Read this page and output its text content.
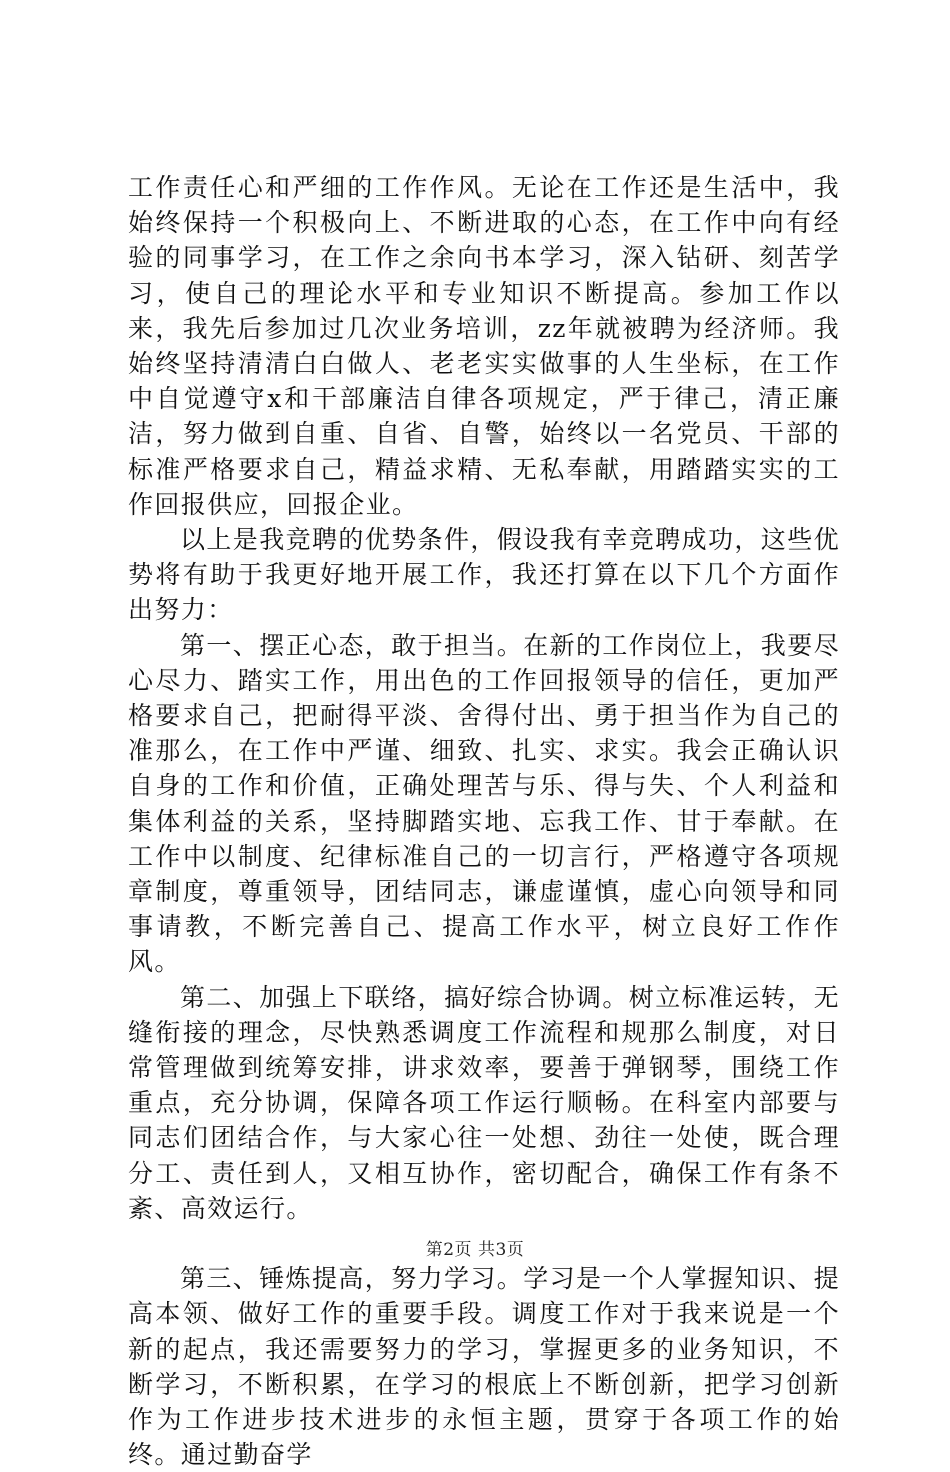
工作责任心和严细的工作作风。无论在工作还是生活中，我始终保持一个积极向上、不断进取的心态，在工作中向有经验的同事学习，在工作之余向书本学习，深入钻研、刻苦学习，使自己的理论水平和专业知识不断提高。参加工作以来，我先后参加过几次业务培训，zz年就被聘为经济师。我始终坚持清清白白做人、老老实实做事的人生坐标，在工作中自觉遵守x和干部廉洁自律各项规定，严于律己，清正廉洁，努力做到自重、自省、自警，始终以一名党员、干部的标准严格要求自己，精益求精、无私奉献，用踏踏实实的工作回报供应，回报企业。

以上是我竞聘的优势条件，假设我有幸竞聘成功，这些优势将有助于我更好地开展工作，我还打算在以下几个方面作出努力：

第一、摆正心态，敢于担当。在新的工作岗位上，我要尽心尽力、踏实工作，用出色的工作回报领导的信任，更加严格要求自己，把耐得平淡、舍得付出、勇于担当作为自己的准那么，在工作中严谨、细致、扎实、求实。我会正确认识自身的工作和价值，正确处理苦与乐、得与失、个人利益和集体利益的关系，坚持脚踏实地、忘我工作、甘于奉献。在工作中以制度、纪律标准自己的一切言行，严格遵守各项规章制度，尊重领导，团结同志，谦虚谨慎，虚心向领导和同事请教，不断完善自己、提高工作水平，树立良好工作作风。

第二、加强上下联络，搞好综合协调。树立标准运转，无缝衔接的理念，尽快熟悉调度工作流程和规那么制度，对日常管理做到统筹安排，讲求效率，要善于弹钢琴，围绕工作重点，充分协调，保障各项工作运行顺畅。在科室内部要与同志们团结合作，与大家心往一处想、劲往一处使，既合理分工、责任到人，又相互协作，密切配合，确保工作有条不紊、高效运行。

第三、锤炼提高，努力学习。学习是一个人掌握知识、提高本领、做好工作的重要手段。调度工作对于我来说是一个新的起点，我还需要努力的学习，掌握更多的业务知识，不断学习，不断积累，在学习的根底上不断创新，把学习创新作为工作进步技术进步的永恒主题，贯穿于各项工作的始终。通过勤奋学

第2页 共3页
